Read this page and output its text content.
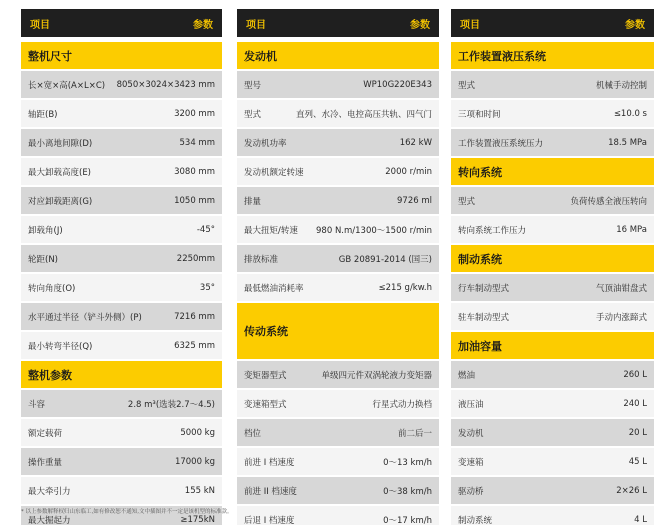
项目	参数
整机尺寸
长×宽×高(A×L×C) 8050×3024×3423 mm
轴距(B)	3200 mm
最小离地间隙(D)	534 mm
最大卸载高度(E)	3080 mm
对应卸载距离(G)	1050 mm
卸载角(J)	-45°
轮距(N)	2250mm
转向角度(O)	35°
水平通过半径（铲斗外侧）(P)	7216 mm
最小转弯半径(Q)	6325 mm
整机参数
斗容	2.8 m³(选装2.7～4.5)
额定载荷	5000 kg
操作重量	17000 kg
最大牵引力	155 kN
最大掘起力	≥175kN
项目	参数
发动机
型号	WP10G220E343
型式	直列、水冷、电控高压共轨、四气门
发动机功率	162 kW
发动机额定转速	2000 r/min
排量	9726 ml
最大扭矩/转速 980 N.m/1300～1500 r/min
排放标准	GB 20891-2014 (国三)
最低燃油消耗率	≤215 g/kw.h
传动系统
变矩器型式	单级四元件双涡轮液力变矩器
变速箱型式	行星式动力换档
档位	前二后一
前进 I 档速度	0～13 km/h
前进 II 档速度	0～38 km/h
后退 I 档速度	0～17 km/h
项目	参数
工作装置液压系统
型式	机械手动控制
三项和时间	≤10.0 s
工作装置液压系统压力	18.5 MPa
转向系统
型式	负荷传感全液压转向
转向系统工作压力	16 MPa
制动系统
行车制动型式	气顶油钳盘式
驻车制动型式	手动内涨蹄式
加油容量
燃油	260 L
液压油	240 L
发动机	20 L
变速箱	45 L
驱动桥	2×26 L
制动系统	4 L
* 以上参数解释权归山东临工,如有修改恕不通知,文中插图并不一定是该机型的标准款。
